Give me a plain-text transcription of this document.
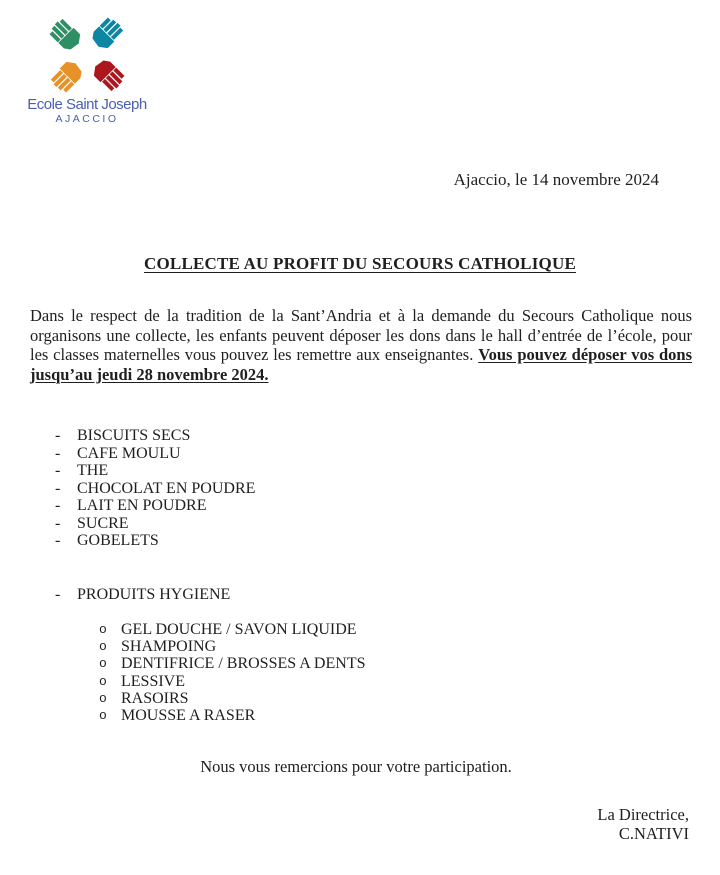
Ecole Saint Joseph
AJACCIO
Ajaccio, le 14 novembre 2024
COLLECTE AU PROFIT DU SECOURS CATHOLIQUE

Dans le respect de la tradition de la Sant’Andria et à la demande du Secours Catholique nous organisons une collecte, les enfants peuvent déposer les dons dans le hall d’entrée de l’école, pour les classes maternelles vous pouvez les remettre aux enseignantes. Vous pouvez déposer vos dons jusqu’au jeudi 28 novembre 2024.

-	BISCUITS SECS
-	CAFE MOULU
-	THE
-	CHOCOLAT EN POUDRE
-	LAIT EN POUDRE
-	SUCRE
-	GOBELETS
-	PRODUITS HYGIENE
o GEL DOUCHE / SAVON LIQUIDE
o SHAMPOING
o DENTIFRICE / BROSSES A DENTS
o LESSIVE
o RASOIRS
o MOUSSE A RASER
Nous vous remercions pour votre participation.
La Directrice,
C.NATIVI
